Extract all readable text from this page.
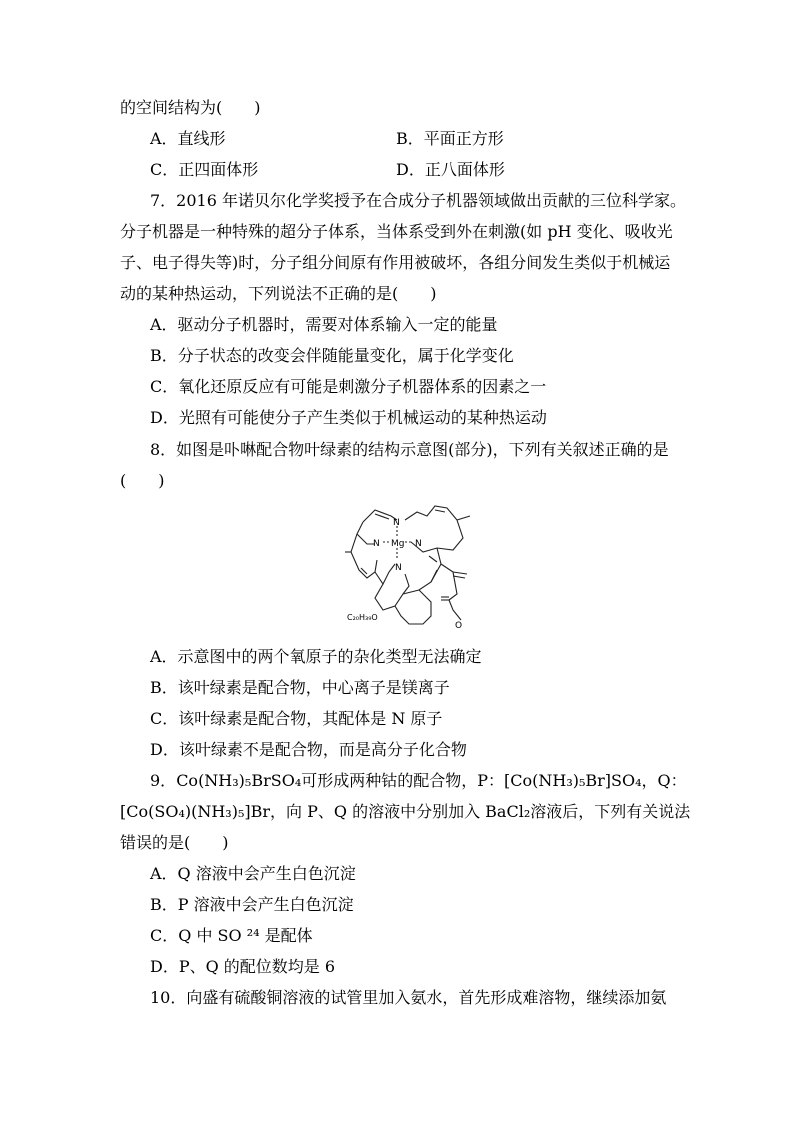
的空间结构为(　　)
A．直线形	B．平面正方形
C．正四面体形	D．正八面体形
7．2016 年诺贝尔化学奖授予在合成分子机器领域做出贡献的三位科学家。
分子机器是一种特殊的超分子体系，当体系受到外在刺激(如 pH 变化、吸收光
子、电子得失等)时，分子组分间原有作用被破坏，各组分间发生类似于机械运
动的某种热运动，下列说法不正确的是(　　)
A．驱动分子机器时，需要对体系输入一定的能量
B．分子状态的改变会伴随能量变化，属于化学变化
C．氧化还原反应有可能是刺激分子机器体系的因素之一
D．光照有可能使分子产生类似于机械运动的某种热运动
8．如图是卟啉配合物叶绿素的结构示意图(部分)，下列有关叙述正确的是
(　　)
N
N Mg N
N
O
C₂₀H₃₉O
A．示意图中的两个氧原子的杂化类型无法确定
B．该叶绿素是配合物，中心离子是镁离子
C．该叶绿素是配合物，其配体是 N 原子
D．该叶绿素不是配合物，而是高分子化合物
9．Co(NH₃)₅BrSO₄可形成两种钴的配合物，P：[Co(NH₃)₅Br]SO₄，Q：
[Co(SO₄)(NH₃)₅]Br，向 P、Q 的溶液中分别加入 BaCl₂溶液后，下列有关说法
错误的是(　　)
A．Q 溶液中会产生白色沉淀
B．P 溶液中会产生白色沉淀
C．Q 中 SO ²⁴ 是配体
D．P、Q 的配位数均是 6
10．向盛有硫酸铜溶液的试管里加入氨水，首先形成难溶物，继续添加氨
